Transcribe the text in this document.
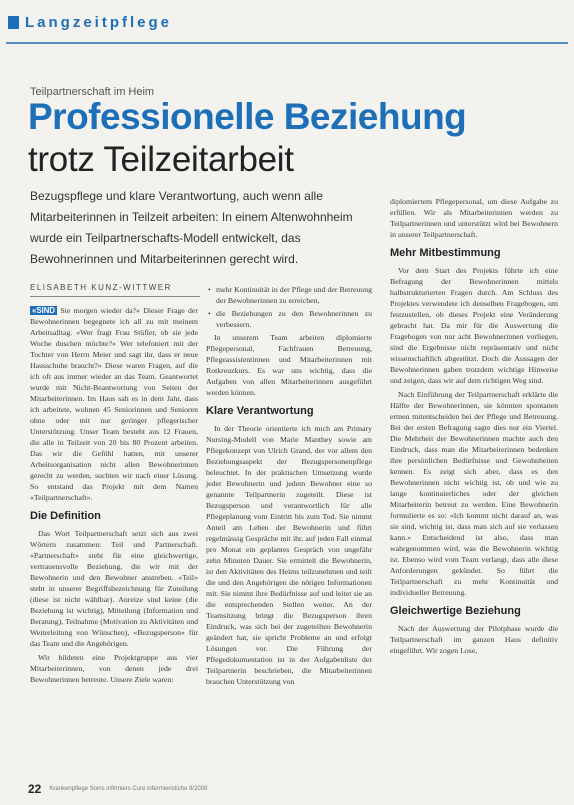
Langzeitpflege
Teilpartnerschaft im Heim
Professionelle Beziehung
trotz Teilzeitarbeit
Bezugspflege und klare Verantwortung, auch wenn alle Mitarbeiterinnen in Teilzeit arbeiten: In einem Altenwohnheim wurde ein Teilpartnerschafts-Modell entwickelt, das Bewohnerinnen und Mitarbeiterinnen gerecht wird.
ELISABETH KUNZ-WITTWER

«SIND Sie morgen wieder da?» Dieser Frage der Bewohnerinnen begegnete ich all zu mit meinem Arbeitsalltag. «Wer fragt Frau Stüfler, ob sie jede Woche duschen möchte?» Wer telefoniert mit der Tochter von Herrn Meier und sagt ihr, dass er neue Hausschuhe braucht?» Diese waren Fragen, auf die ich oft aus immer wieder an das Team. Geantwortet wurde mit Nicht-Beantwortung von Seiten der Mitarbeiterinnen. Im Haus sah es in dem Jahr, dass ich arbeitete, wohnen 45 Seniorinnen und Senioren ohne oder mit nur geringer pflegerischer Unterstützung. Unser Team besteht aus 12 Frauen, die alle in Teilzeit von 20 bis 80 Prozent arbeiten. Das wir die Gefühl hatten, mit unserer Arbeitsorganisation nicht allen Bewohnerinnen gerecht zu werden, suchten wir nach einer Lösung. So entstand das Projekt mit dem Namen «Teilpartnerschaft».

Die Definition

Das Wort Teilpartnerschaft setzt sich aus zwei Wörtern zusammen: Teil und Partnerschaft. «Partnerschaft» steht für eine gleichwertige, vertrauensvolle Beziehung, die wir mit der Bewohnerin und den Bewohner anstreben. «Teil» steht in unserer Begriffsbezeichnung für Zuteilung (diese ist nicht wählbar). Anreize sind keine (die Beziehung ist wichtig), Mitteilung (Information und Beratung), Teilnahme (Motivation zu Aktivitäten und Weiterleitung von Wünschen), «Bezugsperson» für das Team und die Angehörigen.

Wir bildeten eine Projektgruppe aus vier Mitarbeiterinnen, von denen jede drei Bewohnerinnen betreute. Unsere Ziele waren:

• mehr Kontinuität in der Pflege und der Betreuung der Bewohnerinnen zu erreichen,
• die Beziehungen zu den Bewohnerinnen zu verbessern.

In unserem Team arbeiten diplomierte Pflegepersonal, Fachfrauen Betreuung, Pflegeassistentinnen und Mitarbeiterinnen mit Rotkreuzkurs. Es war uns wichtig, dass die Aufgaben von allen Mitarbeiterinnen ausgeführt werden können.

Klare Verantwortung

In der Theorie orientierte ich mich am Primary Nursing-Modell von Marie Manthey sowie am Pflegekonzept von Ulrich Grand, der vor allem den Beziehungsaspekt der Bezugspersonenpflege beleuchtet. In der praktischen Umsetzung wurde jeder Bewohnerin und jedem Bewohner eine so genannte Teilpartnerin zugeteilt. Diese ist Bezugsperson und verantwortlich für alle Pflegeplanung vom Eintritt bis zum Tod. Sie nimmt Anteil am Leben der Bewohnerin und führt regelmässig Gespräche mit ihr, auf jeden Fall einmal pro Monat ein geplantes Gespräch von ungefähr zehn Minuten Dauer. Sie ermittelt die Bewohnerin, ist den Aktivitäten des Heims teilzunehmen und teilt die und den Angehörigen die nötigen Informationen mit. Sie nimmt ihre Bedürfnisse auf und leitet sie an die entsprechenden Stellen weiter. An der Teamsitzung bringt die Bezugsperson ihren Eindruck, was sich bei der zugeteilten Bewohnerin geändert hat, sie spricht Probleme an und erfolgt Lösungen vor. Die Führung der Pflegedokumentation ist in der Aufgabenliste der Teilpartnerin beschrieben, die Mitarbeiterinnen brauchen Unterstützung von

diplomiertem Pflegepersonal, um diese Aufgabe zu erfüllen. Wir als Mitarbeiterinnen werden zu Teilpartnerinnen und unterstützt wird bei Bewohnern in unserer Teilpartnerschaft.

Mehr Mitbestimmung

Vor dem Start des Projekts führte ich eine Befragung der Bewohnerinnen mittels halbstrukturierten Fragen durch. Am Schluss des Projektes verwendete ich denselben Fragebogen, um festzustellen, ob dieses Projekt eine Veränderung gebracht hat. Da mir für die Auswertung die Fragebogen von nur acht Bewohnerinnen vorliegen, sind die Ergebnisse nicht repräsentativ und nicht wissenschaftlich abgestützt. Doch die Aussagen der Bewohnerinnen gaben trotzdem wichtige Hinweise und zeigen, dass wir auf dem richtigen Weg sind.

Nach Einführung der Teilpartnerschaft erklärte die Hälfte der Bewohnerinnen, sie könnten spontanen ermen mitentscheiden bei der Pflege und Betreuung. Bei der ersten Befragung sagte dies nur ein Viertel. Die Mehrheit der Bewohnerinnen machte auch den Eindruck, dass man die Mitarbeiterinnen bedenken ihre persönlichen Bedürfnisse und Gewohnheiten kennen. Es zeigt sich aber, dass es den Bewohnerinnen nicht wichtig ist, ob und wie zu lange kontinuierliches oder der gleichen Mitarbeiterin betreut zu werden. Eine Bewohnerin formulierte es so: «Ich kommt nicht darauf an, was sie sind, wichtig ist, dass man sich auf sie verlassen kann.» Entscheidend ist also, dass man wahrgenommen wird, was die Bewohnerin wichtig ist. Ebenso wird vom Team verlangt, dass alle diese Anforderungen gekündet. So führt die Teilpartnerschaft zu mehr Kontinuität und individueller Betreuung.

Gleichwertige Beziehung

Nach der Auswertung der Pilotphase wurde die Teilpartnerschaft im ganzen Haus definitiv eingeführt. Wir zogen Lose,

22 Krankenpflege Soins infirmiers Cure infermieristiche 8/2008
